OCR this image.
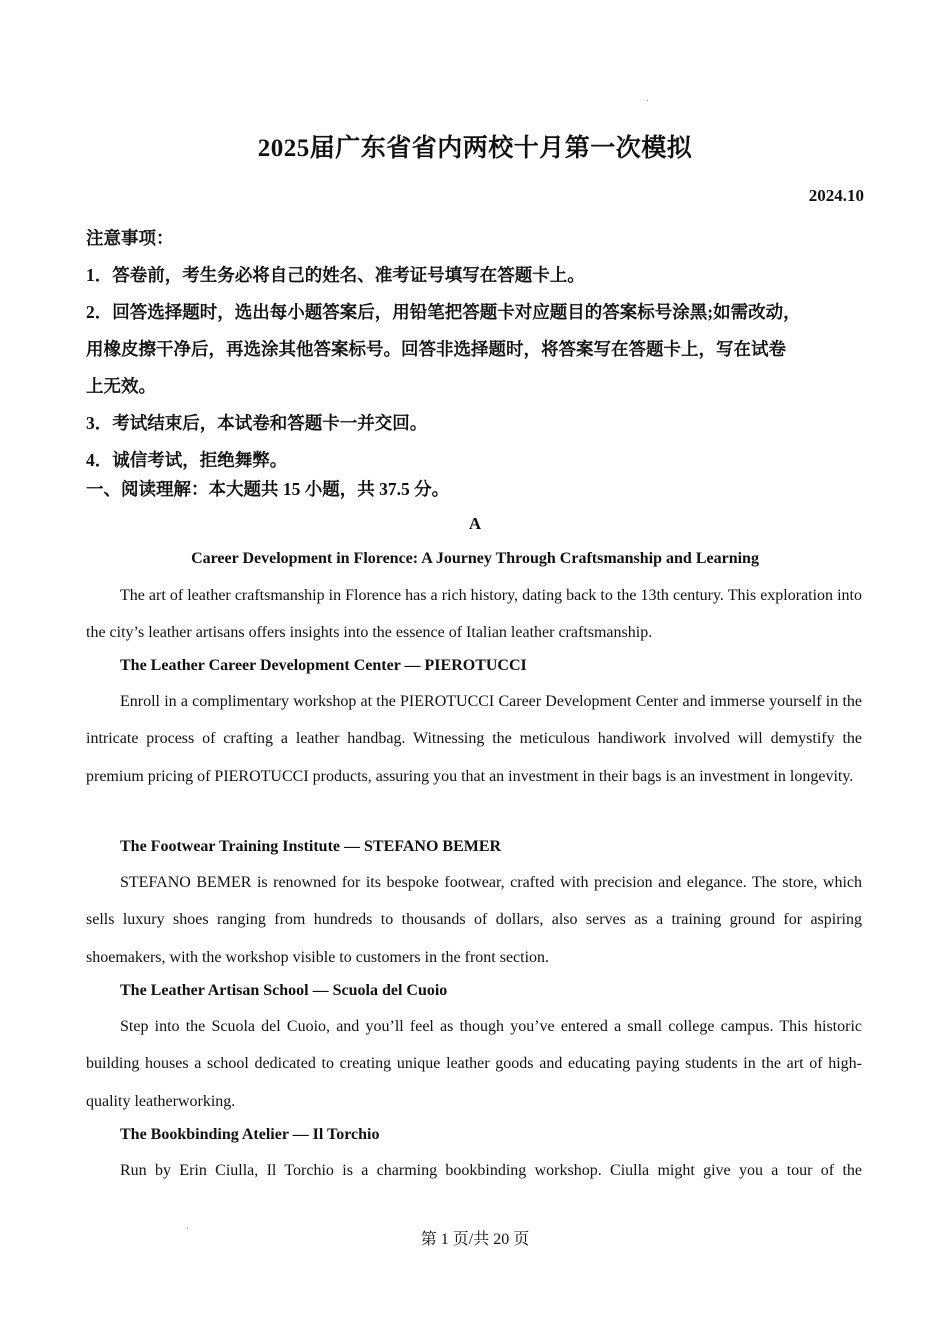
2025届广东省省内两校十月第一次模拟
2024.10
注意事项：
1．答卷前，考生务必将自己的姓名、准考证号填写在答题卡上。
2．回答选择题时，选出每小题答案后，用铅笔把答题卡对应题目的答案标号涂黑;如需改动，
用橡皮擦干净后，再选涂其他答案标号。回答非选择题时，将答案写在答题卡上，写在试卷
上无效。
3．考试结束后，本试卷和答题卡一并交回。
4．诚信考试，拒绝舞弊。
一、阅读理解：本大题共 15 小题，共 37.5 分。
A
Career Development in Florence: A Journey Through Craftsmanship and Learning

The art of leather craftsmanship in Florence has a rich history, dating back to the 13th century. This exploration into the city’s leather artisans offers insights into the essence of Italian leather craftsmanship.

The Leather Career Development Center — PIEROTUCCI

Enroll in a complimentary workshop at the PIEROTUCCI Career Development Center and immerse yourself in the intricate process of crafting a leather handbag. Witnessing the meticulous handiwork involved will demystify the premium pricing of PIEROTUCCI products, assuring you that an investment in their bags is an investment in longevity.

The Footwear Training Institute — STEFANO BEMER

STEFANO BEMER is renowned for its bespoke footwear, crafted with precision and elegance. The store, which sells luxury shoes ranging from hundreds to thousands of dollars, also serves as a training ground for aspiring shoemakers, with the workshop visible to customers in the front section.

The Leather Artisan School — Scuola del Cuoio

Step into the Scuola del Cuoio, and you’ll feel as though you’ve entered a small college campus. This historic building houses a school dedicated to creating unique leather goods and educating paying students in the art of high-quality leatherworking.

The Bookbinding Atelier — Il Torchio

Run by Erin Ciulla, Il Torchio is a charming bookbinding workshop. Ciulla might give you a tour of the

第 1 页/共 20 页
